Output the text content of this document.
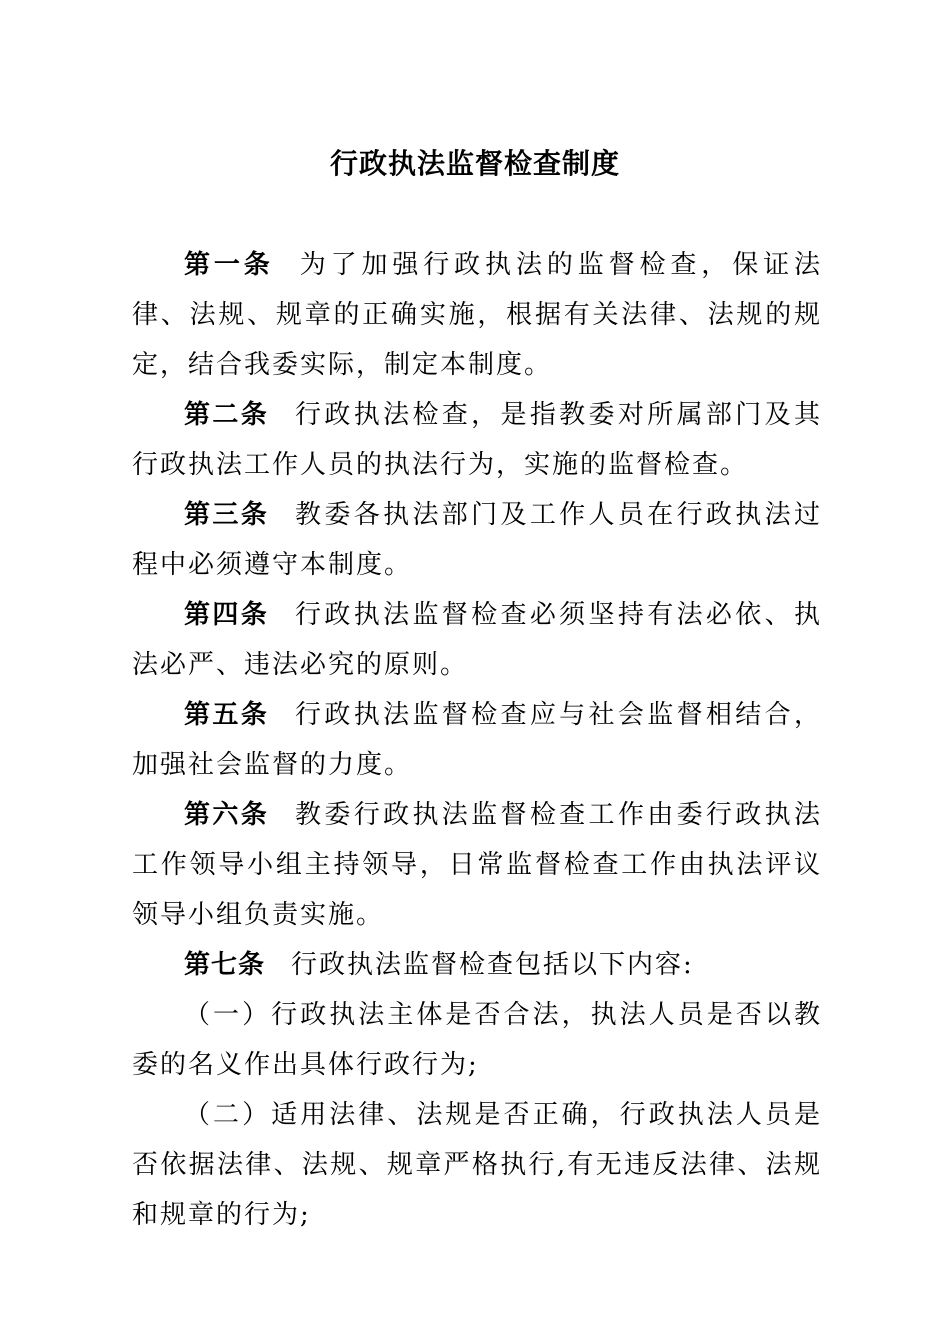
行政执法监督检查制度

第一条 为了加强行政执法的监督检查，保证法律、法规、规章的正确实施，根据有关法律、法规的规定，结合我委实际，制定本制度。

第二条 行政执法检查，是指教委对所属部门及其行政执法工作人员的执法行为，实施的监督检查。

第三条 教委各执法部门及工作人员在行政执法过程中必须遵守本制度。

第四条 行政执法监督检查必须坚持有法必依、执法必严、违法必究的原则。

第五条 行政执法监督检查应与社会监督相结合，加强社会监督的力度。

第六条 教委行政执法监督检查工作由委行政执法工作领导小组主持领导，日常监督检查工作由执法评议领导小组负责实施。

第七条 行政执法监督检查包括以下内容:

（一）行政执法主体是否合法，执法人员是否以教委的名义作出具体行政行为;

（二）适用法律、法规是否正确，行政执法人员是否依据法律、法规、规章严格执行,有无违反法律、法规和规章的行为;
